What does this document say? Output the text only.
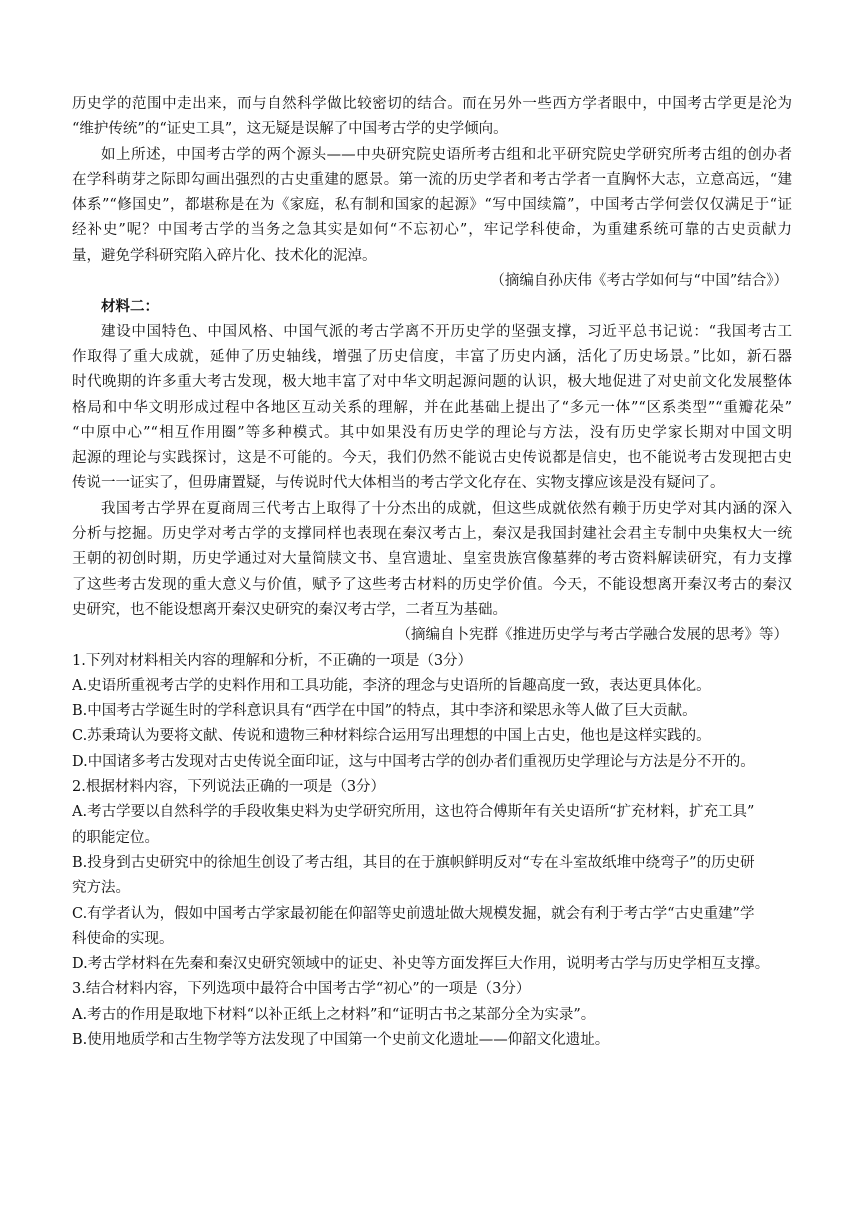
历史学的范围中走出来，而与自然科学做比较密切的结合。而在另外一些西方学者眼中，中国考古学更是沦为
“维护传统”的“证史工具”，这无疑是误解了中国考古学的史学倾向。
如上所述，中国考古学的两个源头——中央研究院史语所考古组和北平研究院史学研究所考古组的创办者
在学科萌芽之际即勾画出强烈的古史重建的愿景。第一流的历史学者和考古学者一直胸怀大志，立意高远，“建
体系”“修国史”，都堪称是在为《家庭，私有制和国家的起源》“写中国续篇”，中国考古学何尝仅仅满足于“证
经补史”呢？中国考古学的当务之急其实是如何“不忘初心”，牢记学科使命，为重建系统可靠的古史贡献力
量，避免学科研究陷入碎片化、技术化的泥淖。
（摘编自孙庆伟《考古学如何与“中国”结合》）
材料二：
建设中国特色、中国风格、中国气派的考古学离不开历史学的坚强支撑，习近平总书记说：“我国考古工
作取得了重大成就，延伸了历史轴线，增强了历史信度，丰富了历史内涵，活化了历史场景。”比如，新石器
时代晚期的许多重大考古发现，极大地丰富了对中华文明起源问题的认识，极大地促进了对史前文化发展整体
格局和中华文明形成过程中各地区互动关系的理解，并在此基础上提出了“多元一体”“区系类型”“重瓣花朵”
“中原中心”“相互作用圈”等多种模式。其中如果没有历史学的理论与方法，没有历史学家长期对中国文明
起源的理论与实践探讨，这是不可能的。今天，我们仍然不能说古史传说都是信史，也不能说考古发现把古史
传说一一证实了，但毋庸置疑，与传说时代大体相当的考古学文化存在、实物支撑应该是没有疑问了。
我国考古学界在夏商周三代考古上取得了十分杰出的成就，但这些成就依然有赖于历史学对其内涵的深入
分析与挖掘。历史学对考古学的支撑同样也表现在秦汉考古上，秦汉是我国封建社会君主专制中央集权大一统
王朝的初创时期，历史学通过对大量简牍文书、皇宫遗址、皇室贵族宫像墓葬的考古资料解读研究，有力支撑
了这些考古发现的重大意义与价值，赋予了这些考古材料的历史学价值。今天，不能设想离开秦汉考古的秦汉
史研究，也不能设想离开秦汉史研究的秦汉考古学，二者互为基础。
（摘编自卜宪群《推进历史学与考古学融合发展的思考》等）
1.下列对材料相关内容的理解和分析，不正确的一项是（3分）
A.史语所重视考古学的史料作用和工具功能，李济的理念与史语所的旨趣高度一致，表达更具体化。
B.中国考古学诞生时的学科意识具有“西学在中国”的特点，其中李济和梁思永等人做了巨大贡献。
C.苏秉琦认为要将文献、传说和遗物三种材料综合运用写出理想的中国上古史，他也是这样实践的。
D.中国诸多考古发现对古史传说全面印证，这与中国考古学的创办者们重视历史学理论与方法是分不开的。
2.根据材料内容，下列说法正确的一项是（3分）
A.考古学要以自然科学的手段收集史料为史学研究所用，这也符合傅斯年有关史语所“扩充材料，扩充工具”
的职能定位。
B.投身到古史研究中的徐旭生创设了考古组，其目的在于旗帜鲜明反对“专在斗室故纸堆中绕弯子”的历史研
究方法。
C.有学者认为，假如中国考古学家最初能在仰韶等史前遗址做大规模发掘，就会有利于考古学“古史重建”学
科使命的实现。
D.考古学材料在先秦和秦汉史研究领域中的证史、补史等方面发挥巨大作用，说明考古学与历史学相互支撑。
3.结合材料内容，下列选项中最符合中国考古学“初心”的一项是（3分）
A.考古的作用是取地下材料“以补正纸上之材料”和“证明古书之某部分全为实录”。
B.使用地质学和古生物学等方法发现了中国第一个史前文化遗址——仰韶文化遗址。
